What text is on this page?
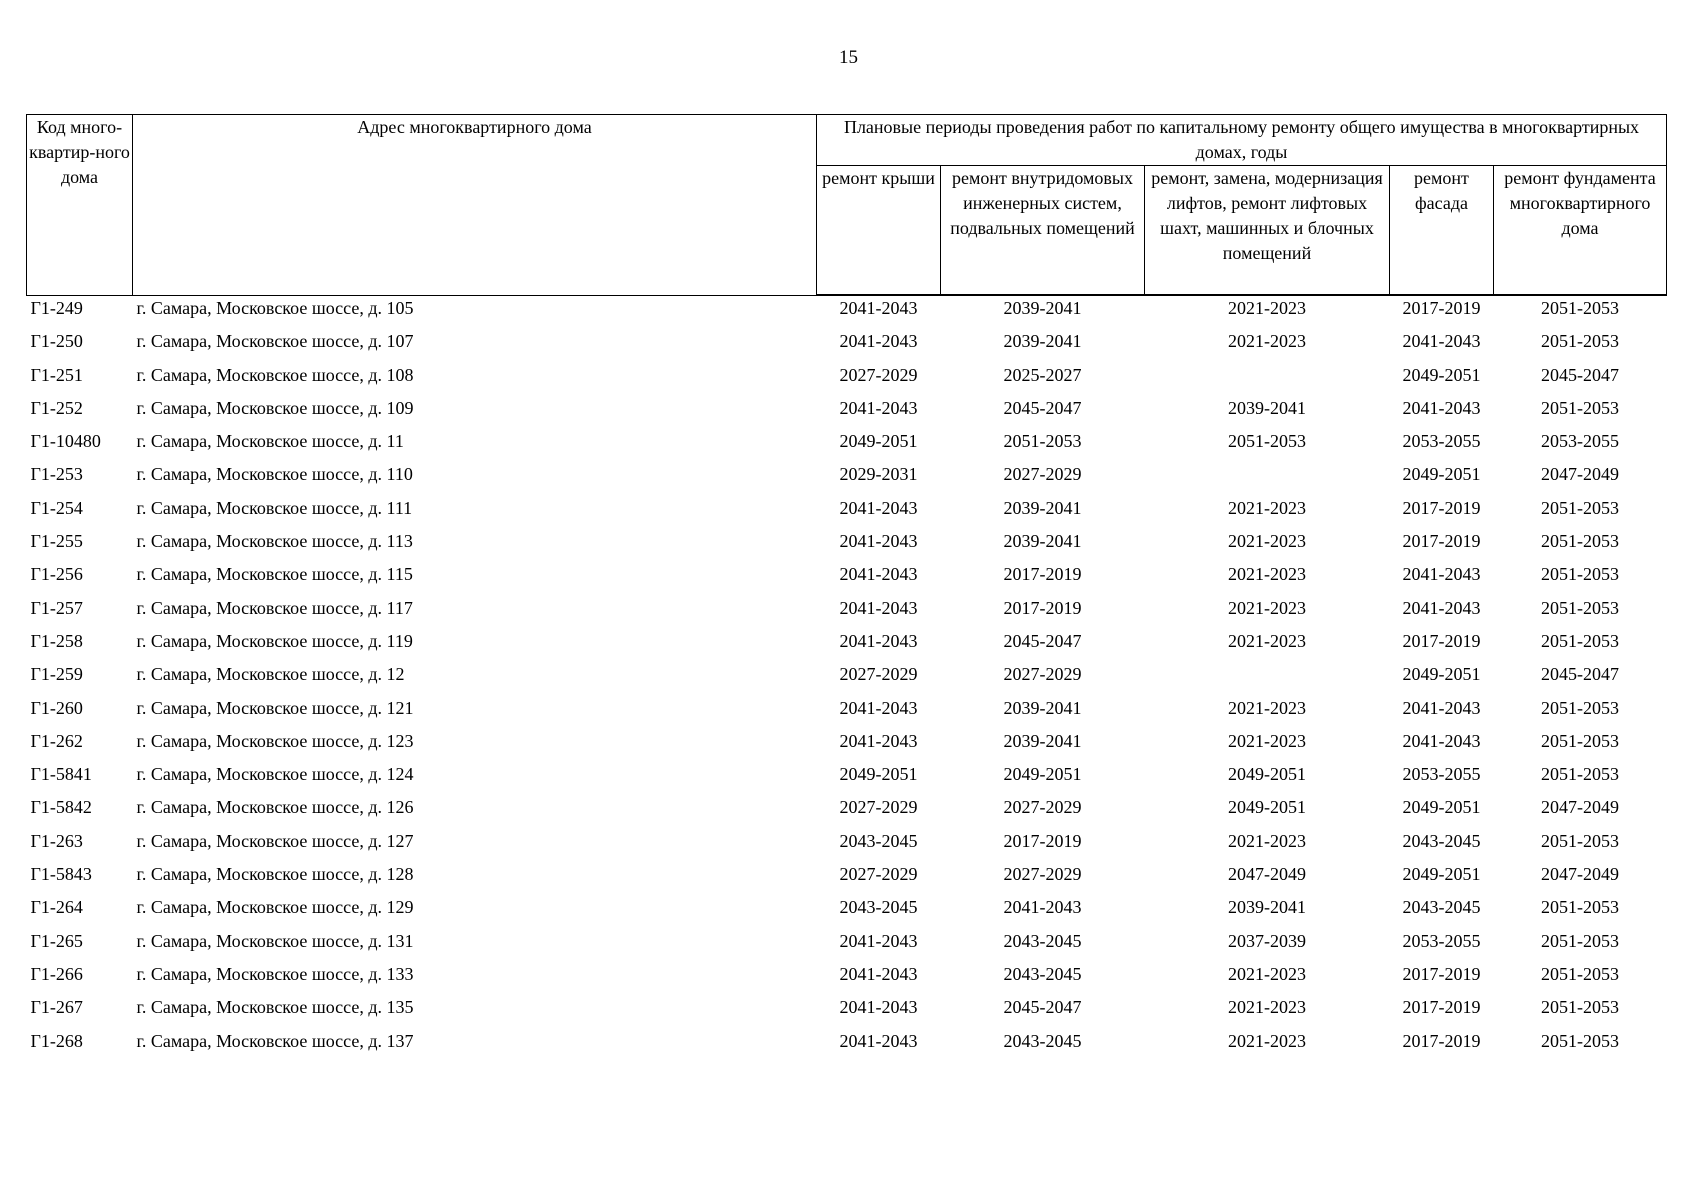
15
Код много-квартир-ного дома	Адрес многоквартирного дома	Плановые периоды проведения работ по капитальному ремонту общего имущества в многоквартирных домах, годы				
		ремонт крыши	ремонт внутридомовых инженерных систем, подвальных помещений	ремонт, замена, модернизация лифтов, ремонт лифтовых шахт, машинных и блочных помещений	ремонт фасада	ремонт фундамента многоквартирного дома
Г1-249	г. Самара, Московское шоссе, д. 105	2041-2043	2039-2041	2021-2023	2017-2019	2051-2053
Г1-250	г. Самара, Московское шоссе, д. 107	2041-2043	2039-2041	2021-2023	2041-2043	2051-2053
Г1-251	г. Самара, Московское шоссе, д. 108	2027-2029	2025-2027		2049-2051	2045-2047
Г1-252	г. Самара, Московское шоссе, д. 109	2041-2043	2045-2047	2039-2041	2041-2043	2051-2053
Г1-10480	г. Самара, Московское шоссе, д. 11	2049-2051	2051-2053	2051-2053	2053-2055	2053-2055
Г1-253	г. Самара, Московское шоссе, д. 110	2029-2031	2027-2029		2049-2051	2047-2049
Г1-254	г. Самара, Московское шоссе, д. 111	2041-2043	2039-2041	2021-2023	2017-2019	2051-2053
Г1-255	г. Самара, Московское шоссе, д. 113	2041-2043	2039-2041	2021-2023	2017-2019	2051-2053
Г1-256	г. Самара, Московское шоссе, д. 115	2041-2043	2017-2019	2021-2023	2041-2043	2051-2053
Г1-257	г. Самара, Московское шоссе, д. 117	2041-2043	2017-2019	2021-2023	2041-2043	2051-2053
Г1-258	г. Самара, Московское шоссе, д. 119	2041-2043	2045-2047	2021-2023	2017-2019	2051-2053
Г1-259	г. Самара, Московское шоссе, д. 12	2027-2029	2027-2029		2049-2051	2045-2047
Г1-260	г. Самара, Московское шоссе, д. 121	2041-2043	2039-2041	2021-2023	2041-2043	2051-2053
Г1-262	г. Самара, Московское шоссе, д. 123	2041-2043	2039-2041	2021-2023	2041-2043	2051-2053
Г1-5841	г. Самара, Московское шоссе, д. 124	2049-2051	2049-2051	2049-2051	2053-2055	2051-2053
Г1-5842	г. Самара, Московское шоссе, д. 126	2027-2029	2027-2029	2049-2051	2049-2051	2047-2049
Г1-263	г. Самара, Московское шоссе, д. 127	2043-2045	2017-2019	2021-2023	2043-2045	2051-2053
Г1-5843	г. Самара, Московское шоссе, д. 128	2027-2029	2027-2029	2047-2049	2049-2051	2047-2049
Г1-264	г. Самара, Московское шоссе, д. 129	2043-2045	2041-2043	2039-2041	2043-2045	2051-2053
Г1-265	г. Самара, Московское шоссе, д. 131	2041-2043	2043-2045	2037-2039	2053-2055	2051-2053
Г1-266	г. Самара, Московское шоссе, д. 133	2041-2043	2043-2045	2021-2023	2017-2019	2051-2053
Г1-267	г. Самара, Московское шоссе, д. 135	2041-2043	2045-2047	2021-2023	2017-2019	2051-2053
Г1-268	г. Самара, Московское шоссе, д. 137	2041-2043	2043-2045	2021-2023	2017-2019	2051-2053
